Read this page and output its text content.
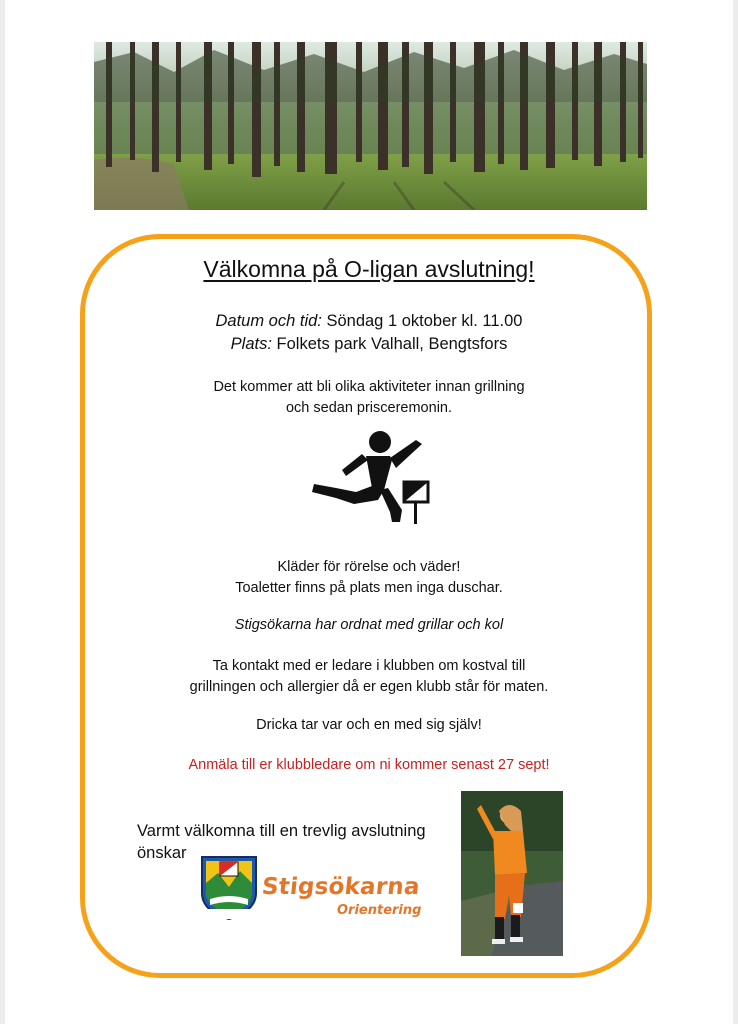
Välkomna på O-ligan avslutning!
Datum och tid: Söndag 1 oktober kl. 11.00
Plats: Folkets park Valhall, Bengtsfors
Det kommer att bli olika aktiviteter innan grillning
och sedan prisceremonin.
Kläder för rörelse och väder!
Toaletter finns på plats men inga duschar.
Stigsökarna har ordnat med grillar och kol
Ta kontakt med er ledare i klubben om kostval till
grillningen och allergier då er egen klubb står för maten.
Dricka tar var och en med sig själv!
Anmäla till er klubbledare om ni kommer senast 27 sept!
Varmt välkomna till en trevlig avslutning
önskar
Stigsökarna
Orientering
